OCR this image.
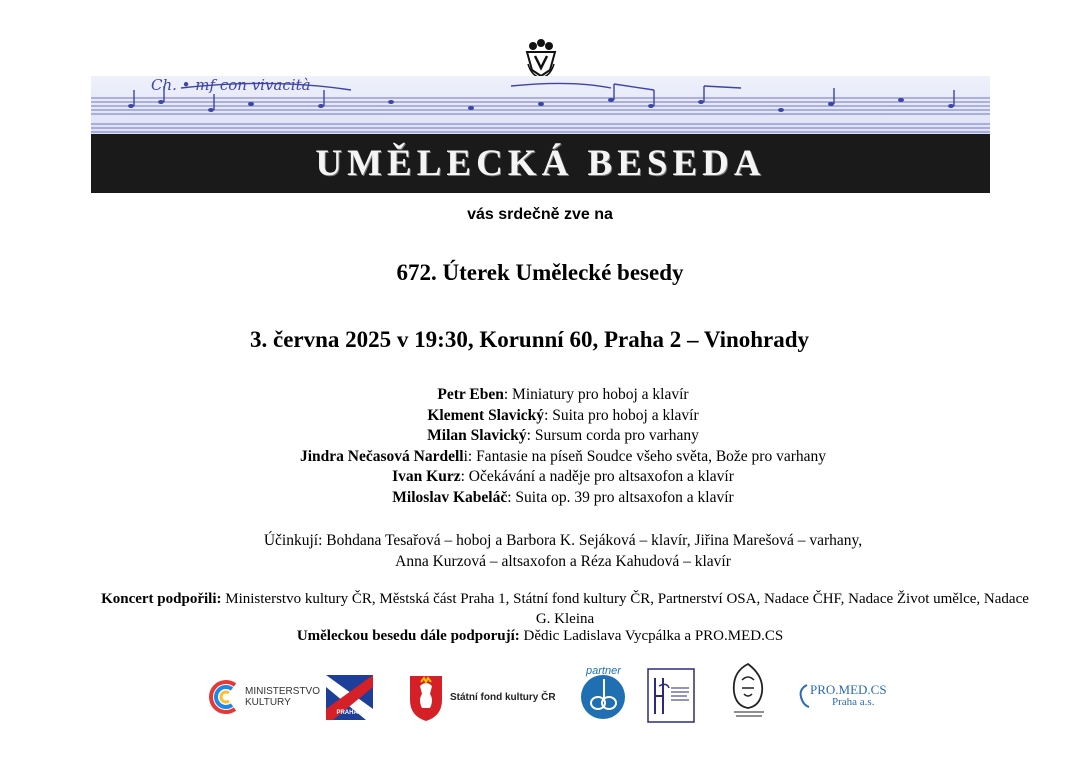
Ch. • mf con vivacità
UMĚLECKÁ BESEDA
vás srdečně zve na
672. Úterek Umělecké besedy
3. června 2025 v 19:30, Korunní 60, Praha 2 – Vinohrady
Petr Eben: Miniatury pro hoboj a klavír
Klement Slavický: Suita pro hoboj a klavír
Milan Slavický: Sursum corda pro varhany
Jindra Nečasová Nardelli: Fantasie na píseň Soudce všeho světa, Bože pro varhany
Ivan Kurz: Očekávání a naděje pro altsaxofon a klavír
Miloslav Kabeláč: Suita op. 39 pro altsaxofon a klavír
Účinkují: Bohdana Tesařová – hoboj a Barbora K. Sejáková – klavír, Jiřina Marešová – varhany,
Anna Kurzová – altsaxofon a Réza Kahudová – klavír
Koncert podpořili: Ministerstvo kultury ČR, Městská část Praha 1, Státní fond kultury ČR, Partnerství OSA, Nadace ČHF, Nadace Život umělce, Nadace G. Kleina
Uměleckou besedu dále podporují: Dědic Ladislava Vycpálka a PRO.MED.CS
MINISTERSTVO
KULTURY
PRAHA 1
Státní fond kultury ČR
partner
PRO.MED.CS
Praha a.s.
